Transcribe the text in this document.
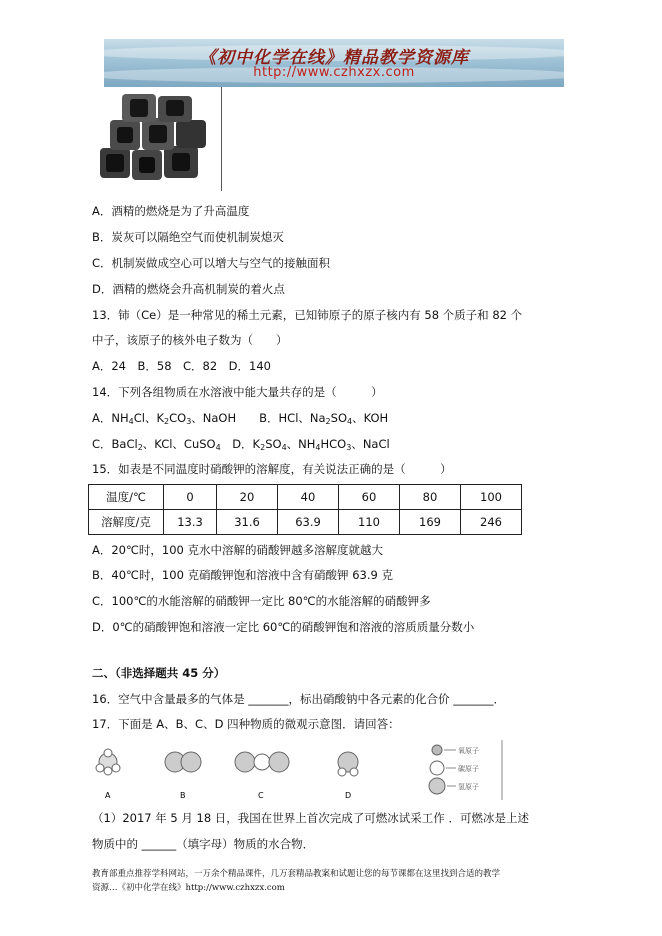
《初中化学在线》精品教学资源库
http://www.czhxzx.com
A．酒精的燃烧是为了升高温度
B．炭灰可以隔绝空气而使机制炭熄灭
C．机制炭做成空心可以增大与空气的接触面积
D．酒精的燃烧会升高机制炭的着火点
13．铈（Ce）是一种常见的稀土元素，已知铈原子的原子核内有 58 个质子和 82 个
中子，该原子的核外电子数为（　　）
A．24　B．58　C．82　D．140
14．下列各组物质在水溶液中能大量共存的是（　　　）
A．$NH_4Cl$、$K_2CO_3$、NaOH　　B．HCl、$Na_2SO_4$、KOH
C．BaCl$_2$、KCl、CuSO$_4$　D．$K_2SO_4$、$NH_4HCO_3$、NaCl
15．如表是不同温度时硝酸钾的溶解度，有关说法正确的是（　　　）
温度/℃	0	20	40	60	80	100
溶解度/克	13.3	31.6	63.9	110	169	246
A．20℃时，100 克水中溶解的硝酸钾越多溶解度就越大
B．40℃时，100 克硝酸钾饱和溶液中含有硝酸钾 63.9 克
C．100℃的水能溶解的硝酸钾一定比 80℃的水能溶解的硝酸钾多
D．0℃的硝酸钾饱和溶液一定比 60℃的硝酸钾饱和溶液的溶质质量分数小
二、（非选择题共 45 分）
16．空气中含量最多的气体是 _______，标出硝酸钠中各元素的化合价 _______．
17．下面是 A、B、C、D 四种物质的微观示意图．请回答：
A	B	C	D
氧原子
碳原子
氢原子
（1）2017 年 5 月 18 日，我国在世界上首次完成了可燃冰试采工作 ．可燃冰是上述
物质中的 ______（填字母）物质的水合物．
教育部重点推荐学科网站，一万余个精品课件，几万套精品教案和试题让您的每节课都在这里找到合适的教学
资源…《初中化学在线》http://www.czhxzx.com
